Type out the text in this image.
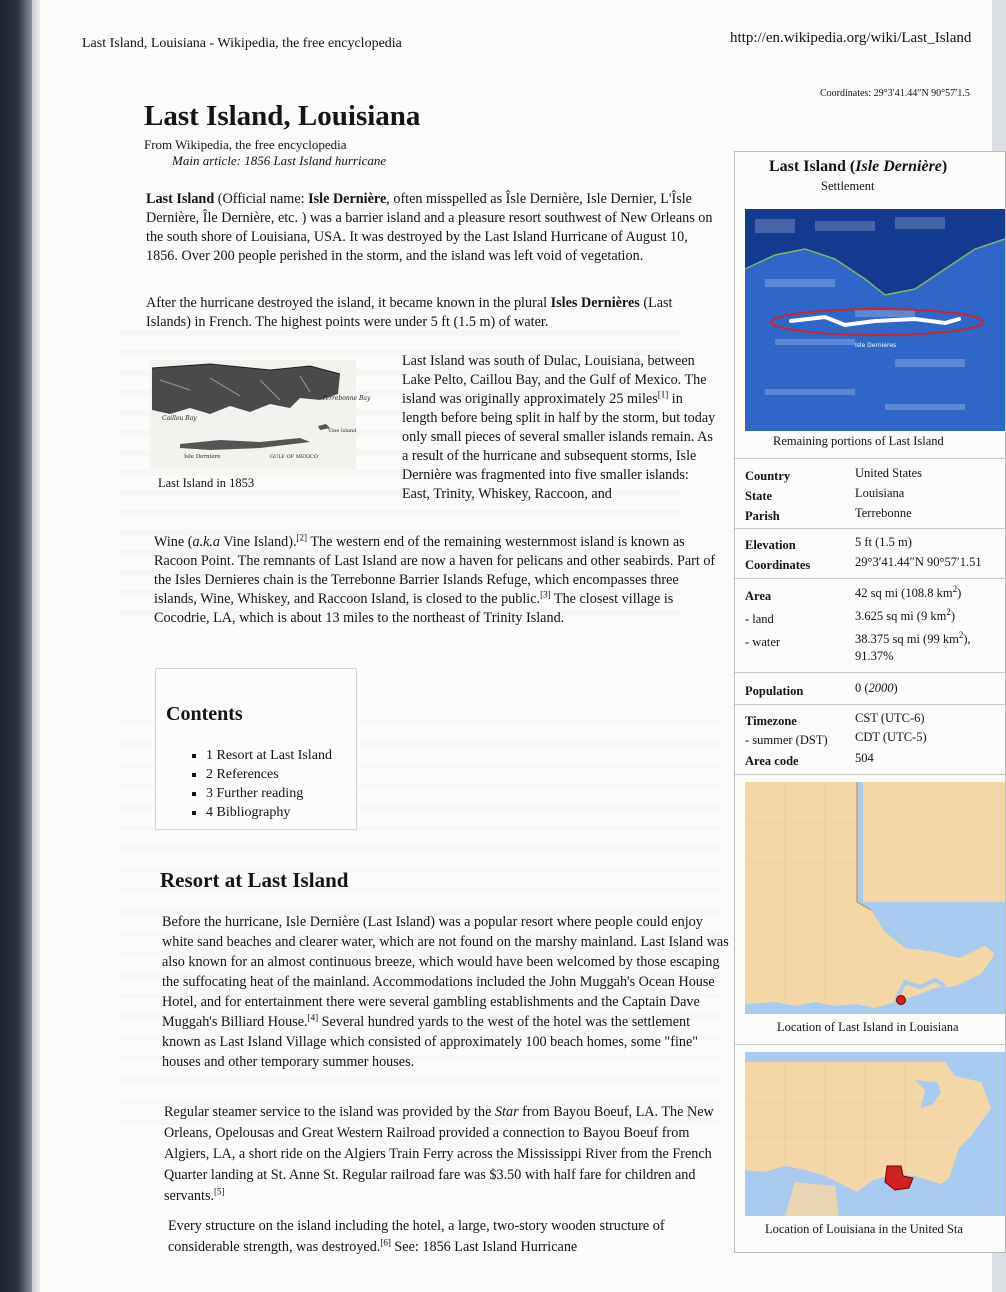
Last Island, Louisiana - Wikipedia, the free encyclopedia	http://en.wikipedia.org/wiki/Last_Island
Coordinates: 29°3′41.44″N 90°57′1.5
Last Island, Louisiana
From Wikipedia, the free encyclopedia
Main article: 1856 Last Island hurricane

Last Island (Official name: Isle Dernière, often misspelled as Îsle Dernière, Isle Dernier, L'Îsle Dernière, Île Dernière, etc. ) was a barrier island and a pleasure resort southwest of New Orleans on the south shore of Louisiana, USA. It was destroyed by the Last Island Hurricane of August 10, 1856. Over 200 people perished in the storm, and the island was left void of vegetation.

After the hurricane destroyed the island, it became known in the plural Isles Dernières (Last Islands) in French. The highest points were under 5 ft (1.5 m) of water.

Caillou Bay
Terrebonne Bay
Vine Island
Isle Derniere	GULF OF MEXICO
Last Island in 1853

Last Island was south of Dulac, Louisiana, between Lake Pelto, Caillou Bay, and the Gulf of Mexico. The island was originally approximately 25 miles[1] in length before being split in half by the storm, but today only small pieces of several smaller islands remain. As a result of the hurricane and subsequent storms, Isle Dernière was fragmented into five smaller islands: East, Trinity, Whiskey, Raccoon, and

Wine (a.k.a Vine Island).[2] The western end of the remaining westernmost island is known as Racoon Point. The remnants of Last Island are now a haven for pelicans and other seabirds. Part of the Isles Dernieres chain is the Terrebonne Barrier Islands Refuge, which encompasses three islands, Wine, Whiskey, and Raccoon Island, is closed to the public.[3] The closest village is Cocodrie, LA, which is about 13 miles to the northeast of Trinity Island.

Contents
▪ 1 Resort at Last Island
▪ 2 References
▪ 3 Further reading
▪ 4 Bibliography
Resort at Last Island

Before the hurricane, Isle Dernière (Last Island) was a popular resort where people could enjoy white sand beaches and clearer water, which are not found on the marshy mainland. Last Island was also known for an almost continuous breeze, which would have been welcomed by those escaping the suffocating heat of the mainland. Accommodations included the John Muggah's Ocean House Hotel, and for entertainment there were several gambling establishments and the Captain Dave Muggah's Billiard House.[4] Several hundred yards to the west of the hotel was the settlement known as Last Island Village which consisted of approximately 100 beach homes, some "fine" houses and other temporary summer houses.

Regular steamer service to the island was provided by the Star from Bayou Boeuf, LA. The New Orleans, Opelousas and Great Western Railroad provided a connection to Bayou Boeuf from Algiers, LA, a short ride on the Algiers Train Ferry across the Mississippi River from the French Quarter landing at St. Anne St. Regular railroad fare was $3.50 with half fare for children and servants.[5]

Every structure on the island including the hotel, a large, two-story wooden structure of considerable strength, was destroyed.[6] See: 1856 Last Island Hurricane

Last Island (Isle Dernière)
Settlement
Isle Dernieres
Remaining portions of Last Island
Country	United States
State	Louisiana
Parish	Terrebonne
Elevation	5 ft (1.5 m)
Coordinates	29°3′41.44″N 90°57′1.51
Area	42 sq mi (108.8 $km^2$)
- land	3.625 sq mi (9 $km^2$)
- water	38.375 sq mi (99 $km^2$),
91.37%
Population	0 (2000)
Timezone	CST (UTC-6)
- summer (DST) CDT (UTC-5)
Area code	504
Location of Last Island in Louisiana
Location of Louisiana in the United Sta
